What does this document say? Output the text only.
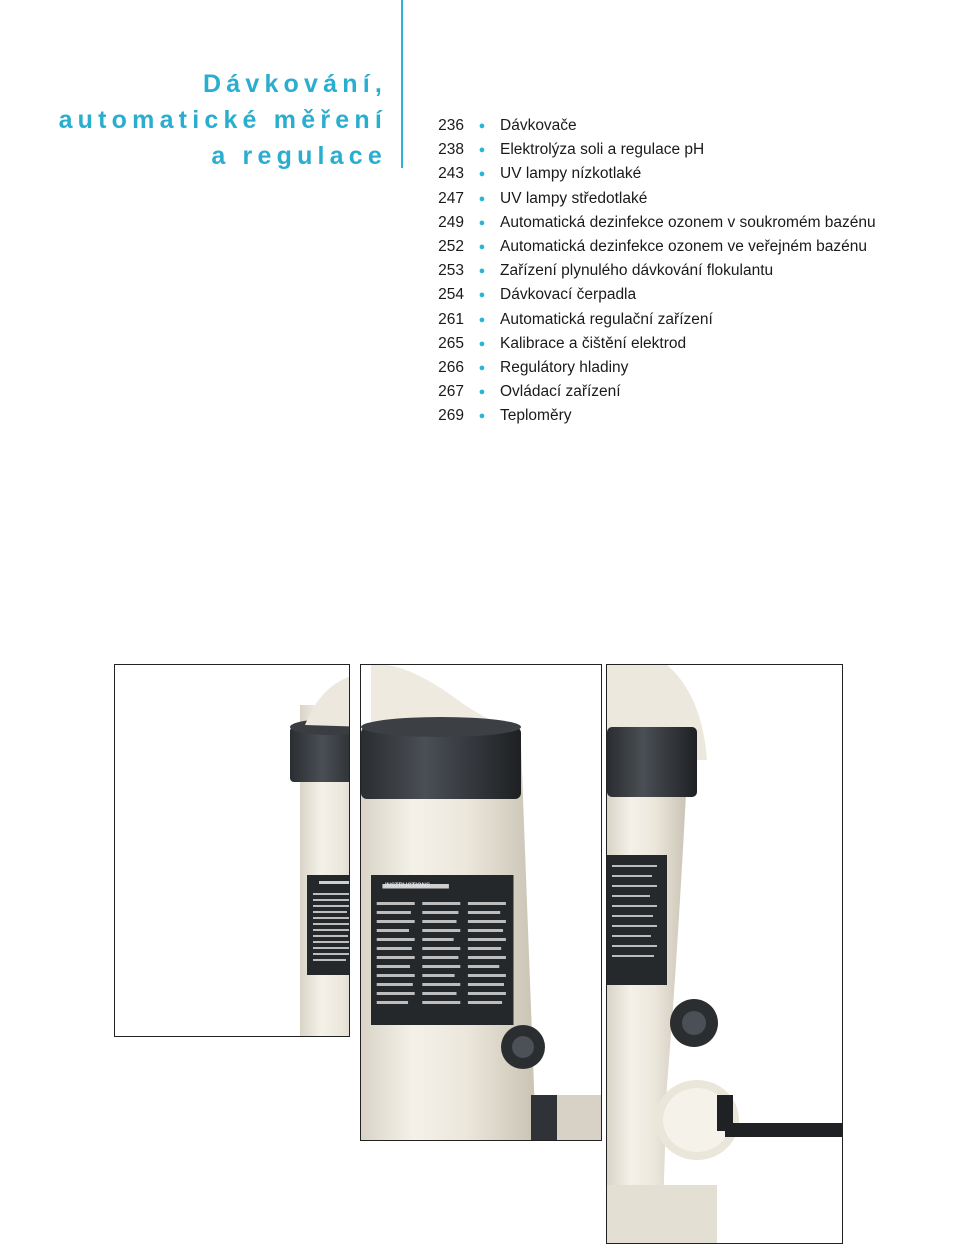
Dávkování,
automatické měření
a regulace
236	● Dávkovače
238	● Elektrolýza soli a regulace pH
243	● UV lampy nízkotlaké
247	● UV lampy středotlaké
249	● Automatická dezinfekce ozonem v soukromém bazénu
252	● Automatická dezinfekce ozonem ve veřejném bazénu
253	● Zařízení plynulého dávkování flokulantu
254	● Dávkovací čerpadla
261	● Automatická regulační zařízení
265	● Kalibrace a čištění elektrod
266	● Regulátory hladiny
267	● Ovládací zařízení
269	● Teploměry
INSTRUCTIONS
